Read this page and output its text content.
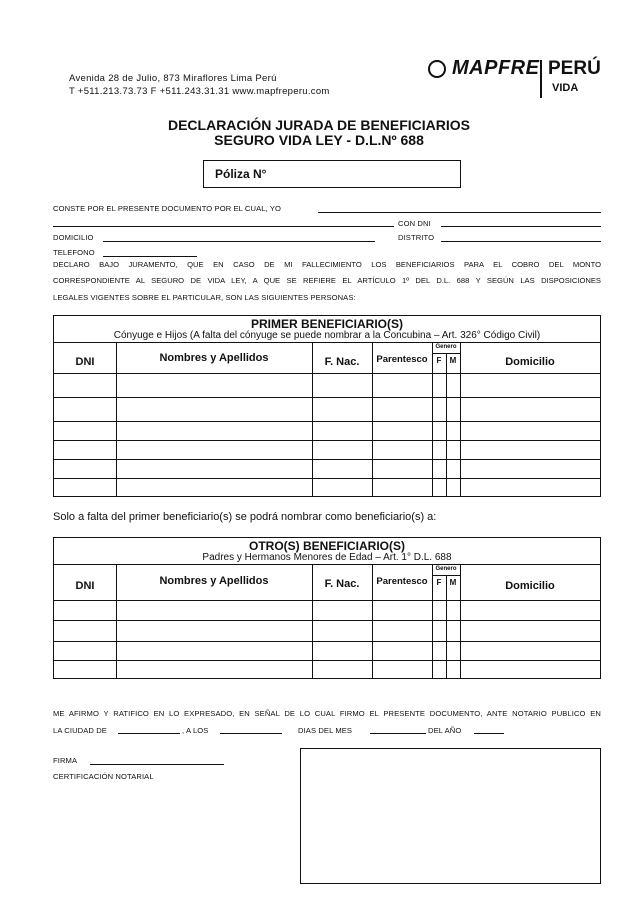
Avenida 28 de Julio, 873 Miraflores Lima Perú
T +511.213.73.73 F +511.243.31.31 www.mapfreperu.com
MAPFRE PERÚ
VIDA
DECLARACIÓN JURADA DE BENEFICIARIOS
SEGURO VIDA LEY - D.L.Nº 688
Póliza N°
CONSTE POR EL PRESENTE DOCUMENTO POR EL CUAL, YO
CON DNI
DOMICILIO	DISTRITO
TELEFONO
DECLARO BAJO JURAMENTO, QUE EN CASO DE MI FALLECIMIENTO LOS BENEFICIARIOS PARA EL COBRO DEL MONTO
CORRESPONDIENTE AL SEGURO DE VIDA LEY, A QUE SE REFIERE EL ARTÍCULO 1º DEL D.L. 688 Y SEGÚN LAS DISPOSICIONES
LEGALES VIGENTES SOBRE EL PARTICULAR, SON LAS SIGUIENTES PERSONAS:
PRIMER BENEFICIARIO(S)
Cónyuge e Hijos (A falta del cónyuge se puede nombrar a la Concubina – Art. 326° Código Civil)
Genero
DNI	Nombres y Apellidos	F. Nac.	Parentesco	F	M	Domicilio
Solo a falta del primer beneficiario(s) se podrá nombrar como beneficiario(s) a:
OTRO(S) BENEFICIARIO(S)
Padres y Hermanos Menores de Edad – Art. 1° D.L. 688
Genero
DNI	Nombres y Apellidos	F. Nac.	Parentesco	F	M	Domicilio
ME AFIRMO Y RATIFICO EN LO EXPRESADO, EN SEÑAL DE LO CUAL FIRMO EL PRESENTE DOCUMENTO, ANTE NOTARIO PUBLICO EN
LA CIUDAD DE	, A LOS	DIAS DEL MES	DEL AÑO
FIRMA
CERTIFICACIÓN NOTARIAL
